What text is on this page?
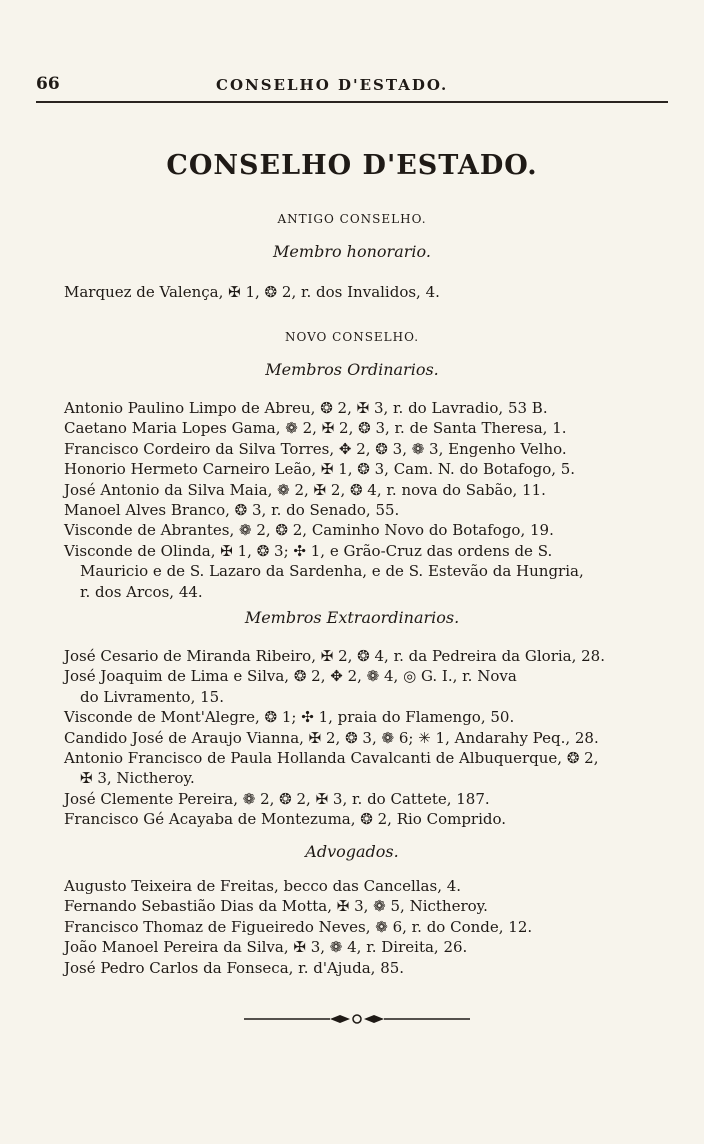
66	CONSELHO D'ESTADO.
CONSELHO D'ESTADO.
ANTIGO CONSELHO.
Membro honorario.
Marquez de Valença, ✠ 1, ❂ 2, r. dos Invalidos, 4.
NOVO CONSELHO.
Membros Ordinarios.
Antonio Paulino Limpo de Abreu, ❂ 2, ✠ 3, r. do Lavradio, 53 B.
Caetano Maria Lopes Gama, ❁ 2, ✠ 2, ❂ 3, r. de Santa Theresa, 1.
Francisco Cordeiro da Silva Torres, ✥ 2, ❂ 3, ❁ 3, Engenho Velho.
Honorio Hermeto Carneiro Leão, ✠ 1, ❂ 3, Cam. N. do Botafogo, 5.
José Antonio da Silva Maia, ❁ 2, ✠ 2, ❂ 4, r. nova do Sabão, 11.
Manoel Alves Branco, ❂ 3, r. do Senado, 55.
Visconde de Abrantes, ❁ 2, ❂ 2, Caminho Novo do Botafogo, 19.
Visconde de Olinda, ✠ 1, ❂ 3; ✣ 1, e Grão-Cruz das ordens de S.
Mauricio e de S. Lazaro da Sardenha, e de S. Estevão da Hungria,
r. dos Arcos, 44.
Membros Extraordinarios.
José Cesario de Miranda Ribeiro, ✠ 2, ❂ 4, r. da Pedreira da Gloria, 28.
José Joaquim de Lima e Silva, ❂ 2, ✥ 2, ❁ 4, ◎ G. I., r. Nova
do Livramento, 15.
Visconde de Mont'Alegre, ❂ 1; ✣ 1, praia do Flamengo, 50.
Candido José de Araujo Vianna, ✠ 2, ❂ 3, ❁ 6; ✳ 1, Andarahy Peq., 28.
Antonio Francisco de Paula Hollanda Cavalcanti de Albuquerque, ❂ 2,
✠ 3, Nictheroy.
José Clemente Pereira, ❁ 2, ❂ 2, ✠ 3, r. do Cattete, 187.
Francisco Gé Acayaba de Montezuma, ❂ 2, Rio Comprido.
Advogados.
Augusto Teixeira de Freitas, becco das Cancellas, 4.
Fernando Sebastião Dias da Motta, ✠ 3, ❁ 5, Nictheroy.
Francisco Thomaz de Figueiredo Neves, ❁ 6, r. do Conde, 12.
João Manoel Pereira da Silva, ✠ 3, ❁ 4, r. Direita, 26.
José Pedro Carlos da Fonseca, r. d'Ajuda, 85.
